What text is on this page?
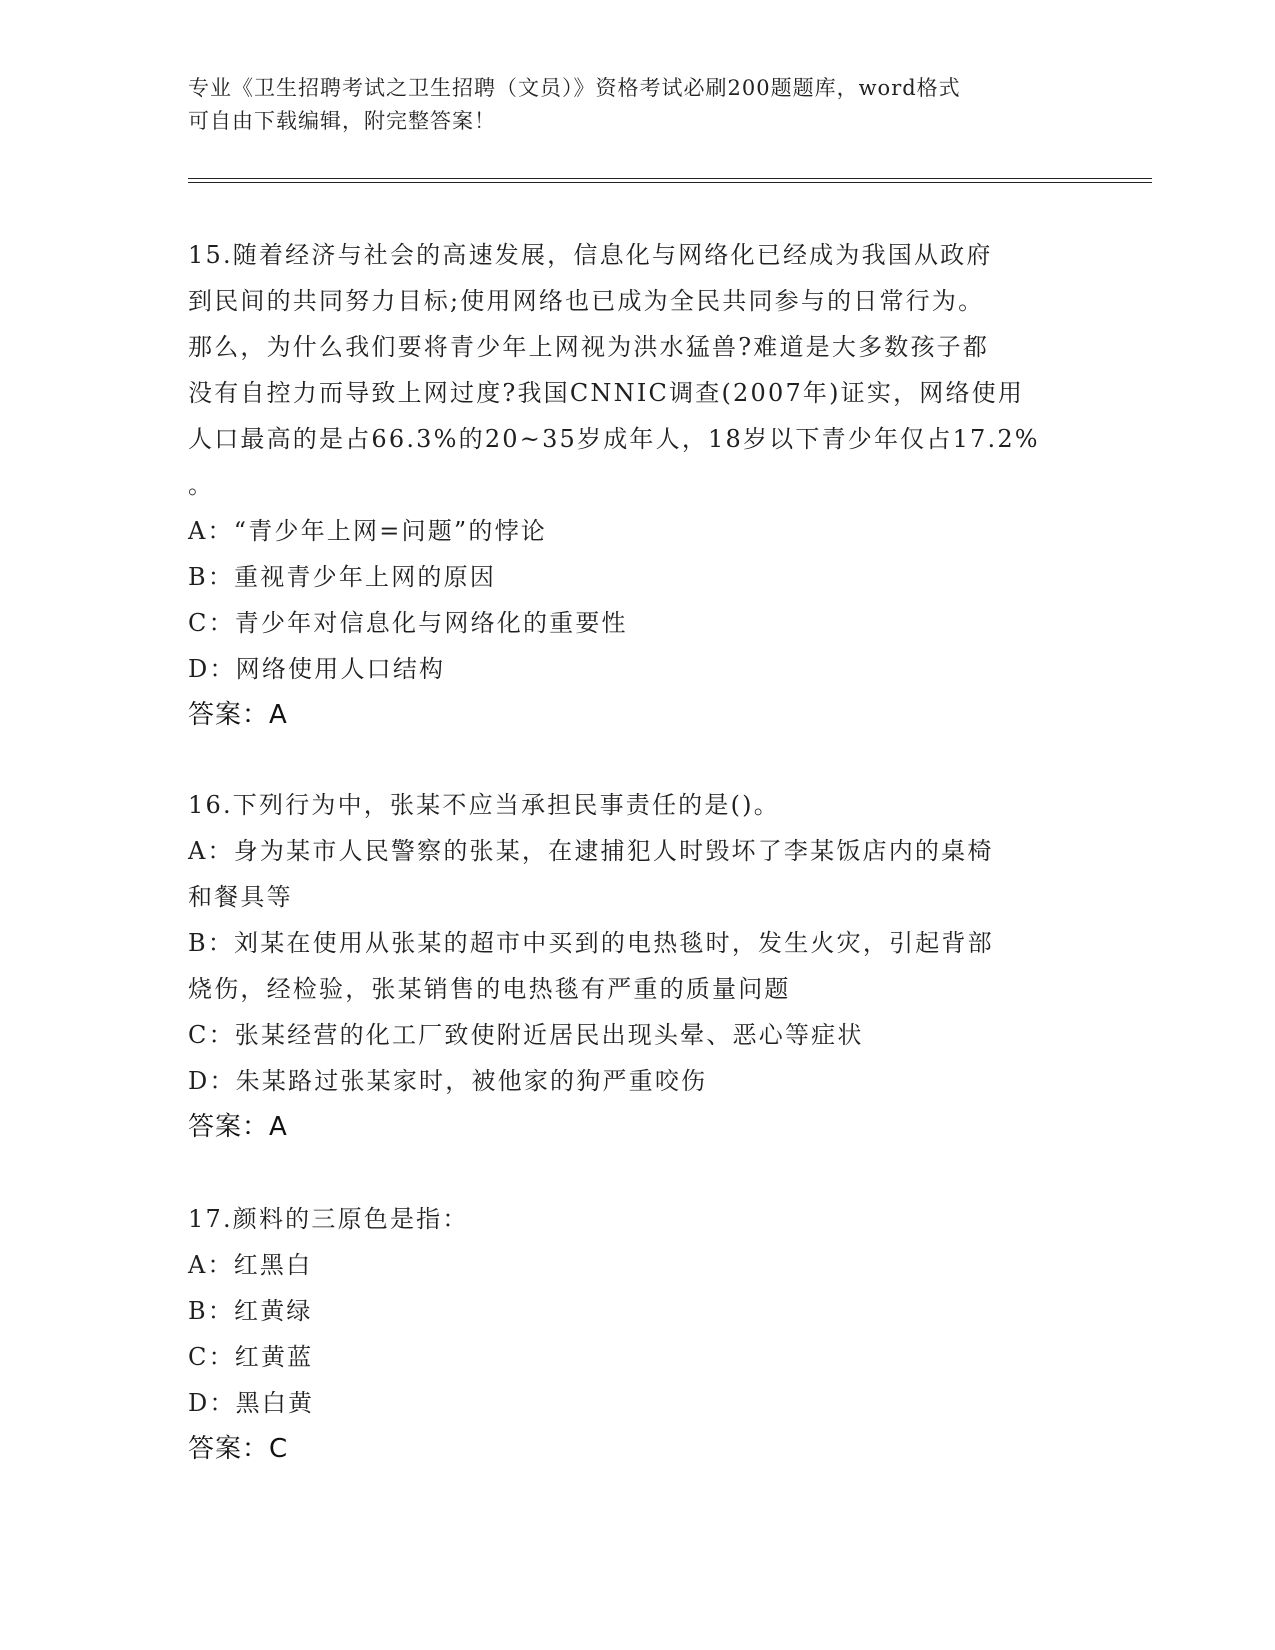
专业《卫生招聘考试之卫生招聘（文员）》资格考试必刷200题题库，word格式
可自由下载编辑，附完整答案！
15.随着经济与社会的高速发展，信息化与网络化已经成为我国从政府
到民间的共同努力目标;使用网络也已成为全民共同参与的日常行为。
那么，为什么我们要将青少年上网视为洪水猛兽?难道是大多数孩子都
没有自控力而导致上网过度?我国CNNIC调查(2007年)证实，网络使用
人口最高的是占66.3%的20~35岁成年人，18岁以下青少年仅占17.2%
。
A：“青少年上网=问题”的悖论
B：重视青少年上网的原因
C：青少年对信息化与网络化的重要性
D：网络使用人口结构
答案：A
16.下列行为中，张某不应当承担民事责任的是()。
A：身为某市人民警察的张某，在逮捕犯人时毁坏了李某饭店内的桌椅
和餐具等
B：刘某在使用从张某的超市中买到的电热毯时，发生火灾，引起背部
烧伤，经检验，张某销售的电热毯有严重的质量问题
C：张某经营的化工厂致使附近居民出现头晕、恶心等症状
D：朱某路过张某家时，被他家的狗严重咬伤
答案：A
17.颜料的三原色是指：
A：红黑白
B：红黄绿
C：红黄蓝
D：黑白黄
答案：C
